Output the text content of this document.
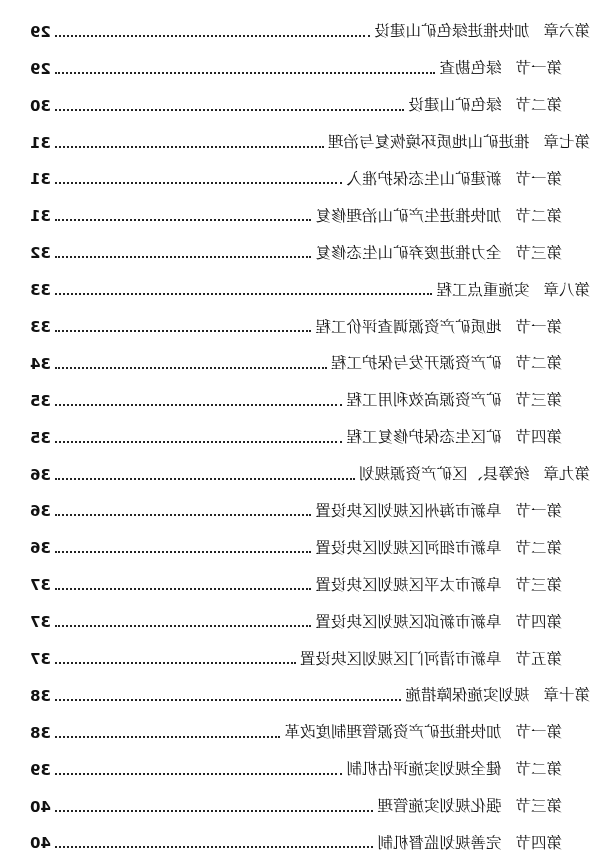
第六章加快推进绿色矿山建设
29
第一节绿色勘查
29
第二节绿色矿山建设
30
第七章推进矿山地质环境恢复与治理
31
第一节新建矿山生态保护准入
31
第二节加快推进生产矿山治理修复
31
第三节全力推进废弃矿山生态修复
32
第八章实施重点工程
33
第一节地质矿产资源调查评价工程
33
第二节矿产资源开发与保护工程
34
第三节矿产资源高效利用工程
35
第四节矿区生态保护修复工程
35
第九章统筹县、区矿产资源规划
36
第一节阜新市海州区规划区块设置
36
第二节阜新市细河区规划区块设置
36
第三节阜新市太平区规划区块设置
37
第四节阜新市新邱区规划区块设置
37
第五节阜新市清河门区规划区块设置
37
第十章规划实施保障措施
38
第一节加快推进矿产资源管理制度改革
38
第二节健全规划实施评估机制
39
第三节强化规划实施管理
40
第四节完善规划监督机制
40
